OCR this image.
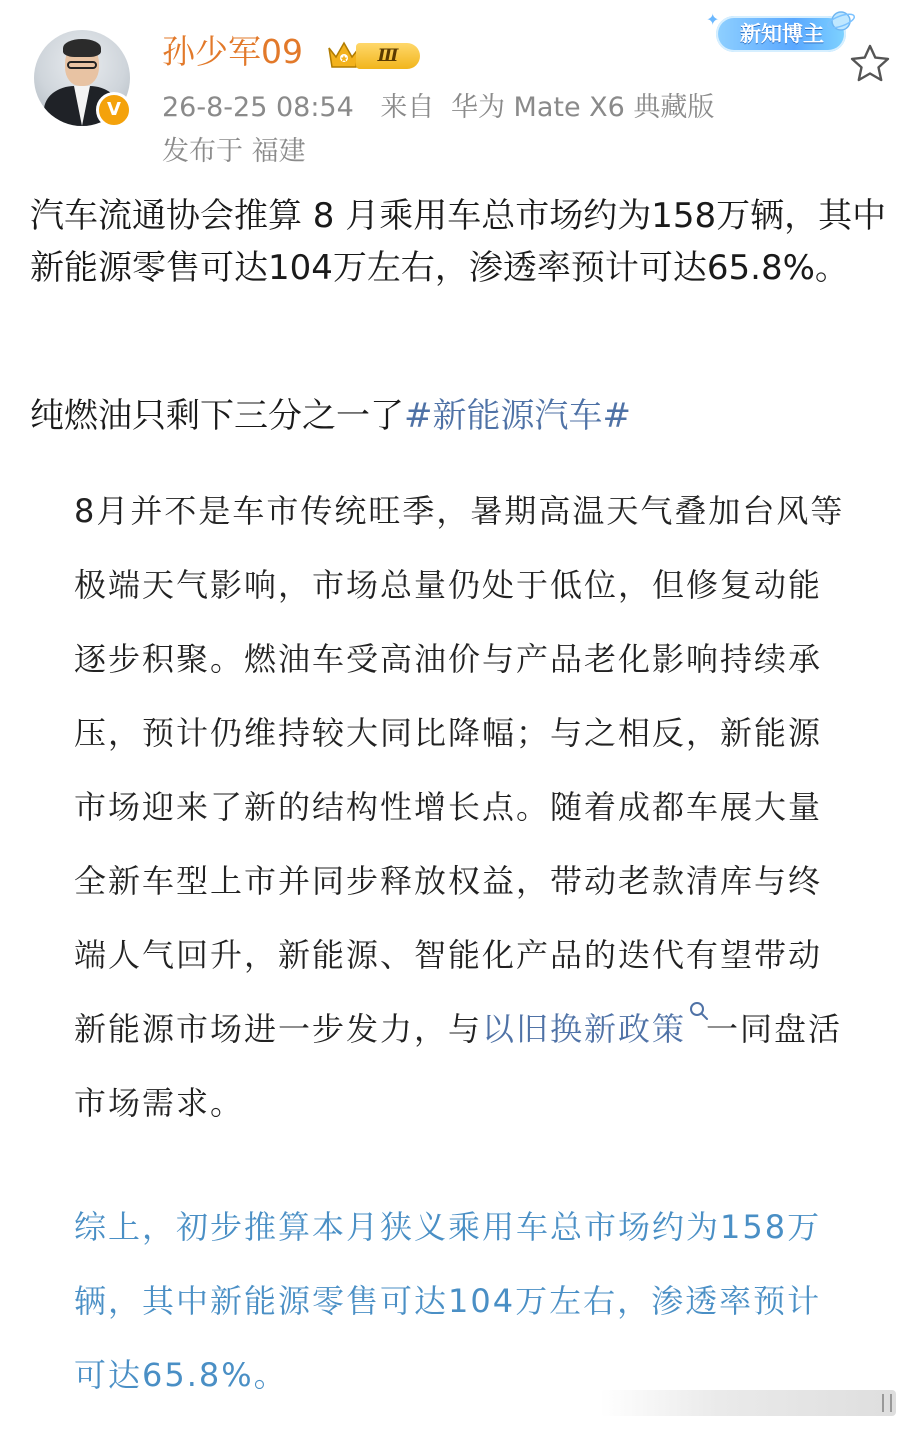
V
孙少军09	Ⅲ
26-8-25 08:54 来自 华为 Mate X6 典藏版
发布于 福建
✦
新知博主

汽车流通协会推算 8 月乘用车总市场约为158万辆，其中新能源零售可达104万左右，渗透率预计可达65.8%。

纯燃油只剩下三分之一了#新能源汽车#

8月并不是车市传统旺季，暑期高温天气叠加台风等极端天气影响，市场总量仍处于低位，但修复动能逐步积聚。燃油车受高油价与产品老化影响持续承压，预计仍维持较大同比降幅；与之相反，新能源市场迎来了新的结构性增长点。随着成都车展大量全新车型上市并同步释放权益，带动老款清库与终端人气回升，新能源、智能化产品的迭代有望带动新能源市场进一步发力，与以旧换新政策 一同盘活市场需求。

综上，初步推算本月狭义乘用车总市场约为158万辆，其中新能源零售可达104万左右，渗透率预计可达65.8%。
